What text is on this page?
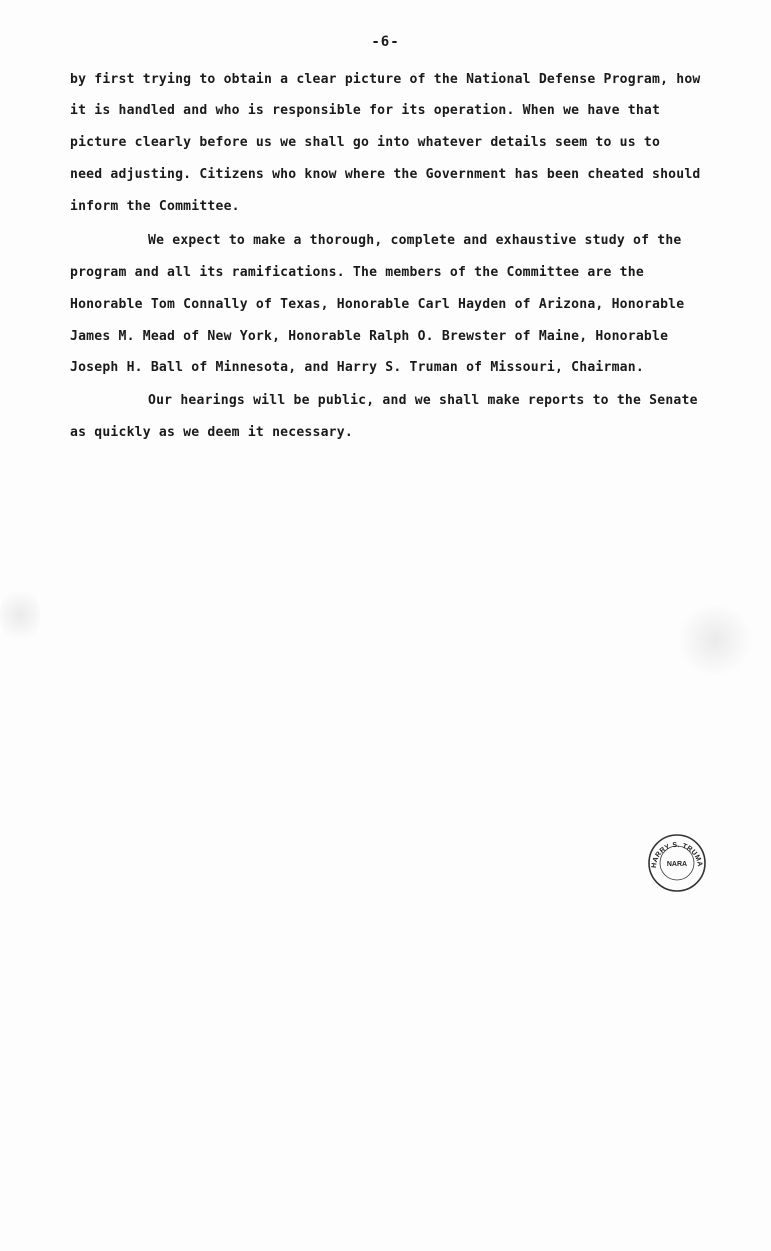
-6-
by first trying to obtain a clear picture of the National Defense Program, how
it is handled and who is responsible for its operation. When we have that
picture clearly before us we shall go into whatever details seem to us to
need adjusting. Citizens who know where the Government has been cheated should
inform the Committee.
We expect to make a thorough, complete and exhaustive study of the
program and all its ramifications. The members of the Committee are the
Honorable Tom Connally of Texas, Honorable Carl Hayden of Arizona, Honorable
James M. Mead of New York, Honorable Ralph O. Brewster of Maine, Honorable
Joseph H. Ball of Minnesota, and Harry S. Truman of Missouri, Chairman.
Our hearings will be public, and we shall make reports to the Senate
as quickly as we deem it necessary.
HARRY S. TRUMA
NARA
